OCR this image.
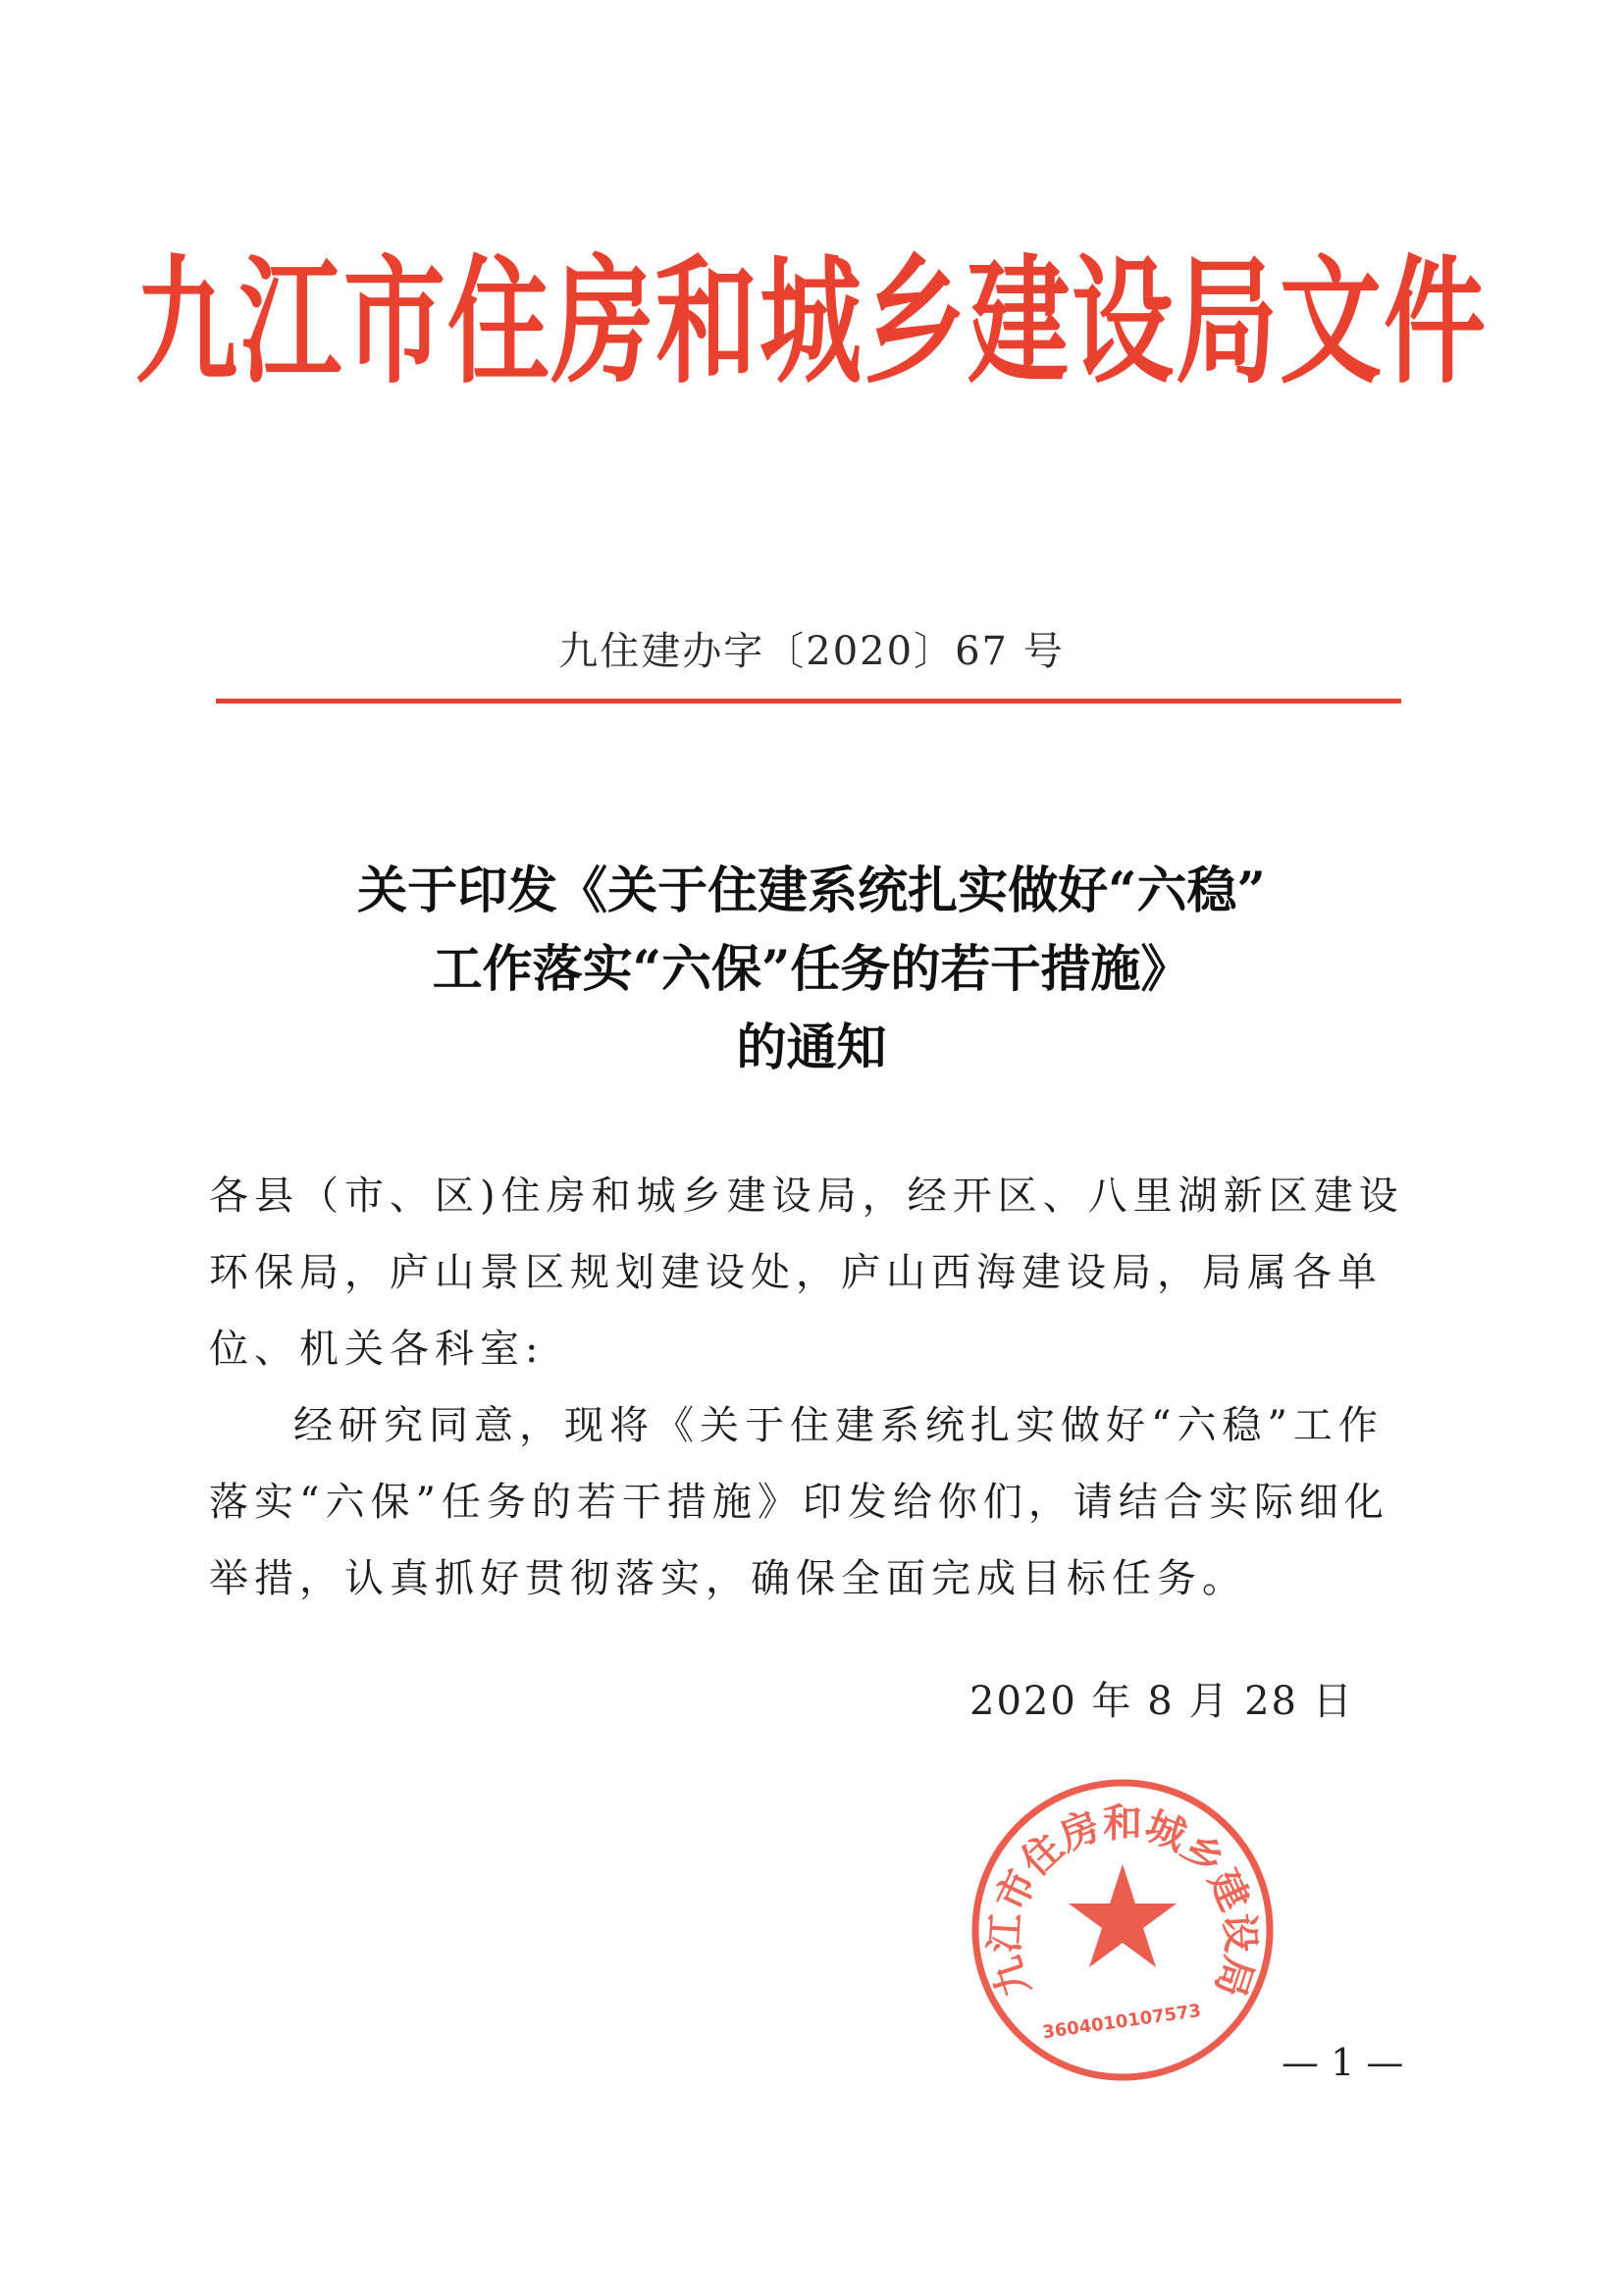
九江市住房和城乡建设局文件
九住建办字〔2020〕67 号
关于印发《关于住建系统扎实做好“六稳”
工作落实“六保”任务的若干措施》
的通知
各县（市、区)住房和城乡建设局，经开区、八里湖新区建设环保局，庐山景区规划建设处，庐山西海建设局，局属各单位、机关各科室:
经研究同意，现将《关于住建系统扎实做好“六稳”工作落实“六保”任务的若干措施》印发给你们，请结合实际细化举措，认真抓好贯彻落实，确保全面完成目标任务。
九江市住房和城乡建设局
3604010107573
2020 年 8 月 28 日
— 1 —
